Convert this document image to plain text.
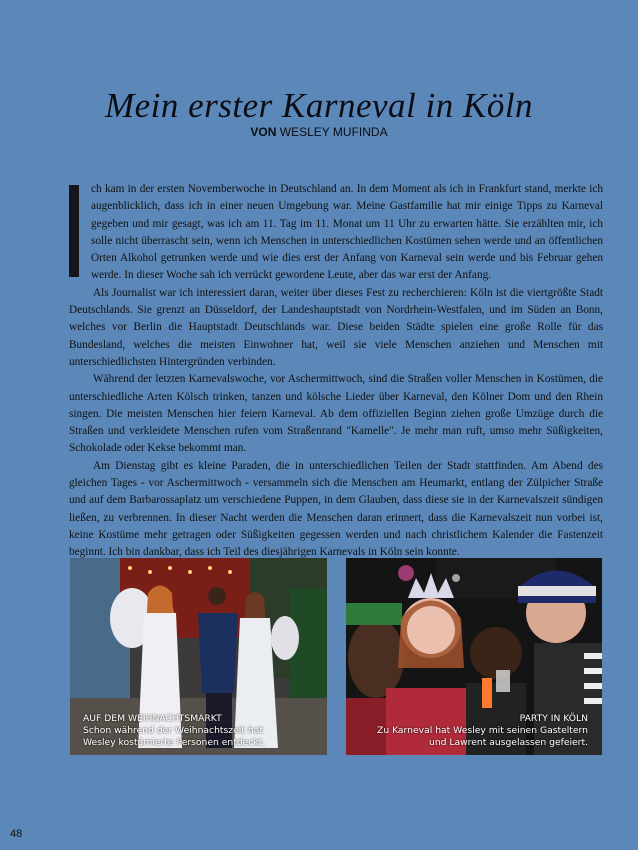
Mein erster Karneval in Köln
VON WESLEY MUFINDA

ch kam in der ersten Novemberwoche in Deutschland an. In dem Moment als ich in Frankfurt stand, merkte ich augenblicklich, dass ich in einer neuen Umgebung war. Meine Gastfamilie hat mir einige Tipps zu Karneval gegeben und mir gesagt, was ich am 11. Tag im 11. Monat um 11 Uhr zu erwarten hätte. Sie erzählten mir, ich solle nicht überrascht sein, wenn ich Menschen in unterschiedlichen Kostümen sehen werde und an öffentlichen Orten Alkohol getrunken werde und wie dies erst der Anfang von Karneval sein werde und bis Februar gehen werde. In dieser Woche sah ich verrückt gewordene Leute, aber das war erst der Anfang.

Als Journalist war ich interessiert daran, weiter über dieses Fest zu recherchieren: Köln ist die viertgrößte Stadt Deutschlands. Sie grenzt an Düsseldorf, der Landeshauptstadt von Nordrhein-Westfalen, und im Süden an Bonn, welches vor Berlin die Hauptstadt Deutschlands war. Diese beiden Städte spielen eine große Rolle für das Bundesland, welches die meisten Einwohner hat, weil sie viele Menschen anziehen und Menschen mit unterschiedlichsten Hintergründen verbinden.

Während der letzten Karnevalswoche, vor Aschermittwoch, sind die Straßen voller Menschen in Kostümen, die unterschiedliche Arten Kölsch trinken, tanzen und kölsche Lieder über Karneval, den Kölner Dom und den Rhein singen. Die meisten Menschen hier feiern Karneval. Ab dem offiziellen Beginn ziehen große Umzüge durch die Straßen und verkleidete Menschen rufen vom Straßenrand "Kamelle". Je mehr man ruft, umso mehr Süßigkeiten, Schokolade oder Kekse bekommt man.

Am Dienstag gibt es kleine Paraden, die in unterschiedlichen Teilen der Stadt stattfinden. Am Abend des gleichen Tages - vor Aschermittwoch - versammeln sich die Menschen am Heumarkt, entlang der Zülpicher Straße und auf dem Barbarossaplatz um verschiedene Puppen, in dem Glauben, dass diese sie in der Karnevalszeit sündigen ließen, zu verbrennen. In dieser Nacht werden die Menschen daran erinnert, dass die Karnevalszeit nun vorbei ist, keine Kostüme mehr getragen oder Süßigkeiten gegessen werden und nach christlichem Kalender die Fastenzeit beginnt. Ich bin dankbar, dass ich Teil des diesjährigen Karnevals in Köln sein konnte.

AUF DEM WEIHNACHTSMARKT
Schon während der Weihnachtszeit hat
Wesley kostümierte Personen entdeckt.
PARTY IN KÖLN
Zu Karneval hat Wesley mit seinen Gasteltern
und Lawrent ausgelassen gefeiert.
48
